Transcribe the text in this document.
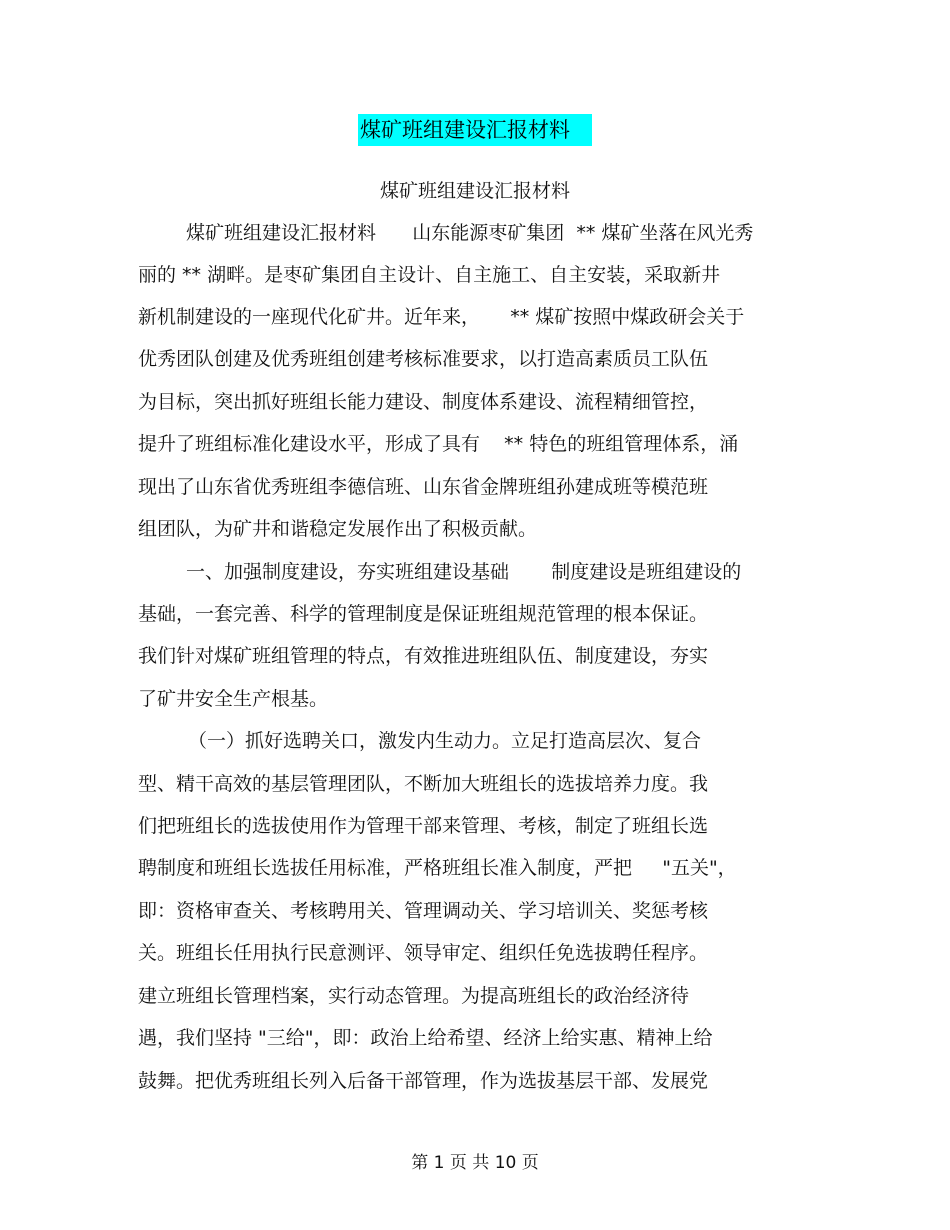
煤矿班组建设汇报材料
煤矿班组建设汇报材料
煤矿班组建设汇报材料      山东能源枣矿集团  ** 煤矿坐落在风光秀
丽的 ** 湖畔。是枣矿集团自主设计、自主施工、自主安装，采取新井
新机制建设的一座现代化矿井。近年来，     ** 煤矿按照中煤政研会关于
优秀团队创建及优秀班组创建考核标准要求，以打造高素质员工队伍
为目标，突出抓好班组长能力建设、制度体系建设、流程精细管控，
提升了班组标准化建设水平，形成了具有    ** 特色的班组管理体系，涌
现出了山东省优秀班组李德信班、山东省金牌班组孙建成班等模范班
组团队，为矿井和谐稳定发展作出了积极贡献。
一、加强制度建设，夯实班组建设基础       制度建设是班组建设的
基础，一套完善、科学的管理制度是保证班组规范管理的根本保证。
我们针对煤矿班组管理的特点，有效推进班组队伍、制度建设，夯实
了矿井安全生产根基。
（一）抓好选聘关口，激发内生动力。立足打造高层次、复合
型、精干高效的基层管理团队，不断加大班组长的选拔培养力度。我
们把班组长的选拔使用作为管理干部来管理、考核，制定了班组长选
聘制度和班组长选拔任用标准，严格班组长准入制度，严把     "五关"，
即：资格审查关、考核聘用关、管理调动关、学习培训关、奖惩考核
关。班组长任用执行民意测评、领导审定、组织任免选拔聘任程序。
建立班组长管理档案，实行动态管理。为提高班组长的政治经济待
遇，我们坚持 "三给"，即：政治上给希望、经济上给实惠、精神上给
鼓舞。把优秀班组长列入后备干部管理，作为选拔基层干部、发展党
第 1 页 共 10 页
